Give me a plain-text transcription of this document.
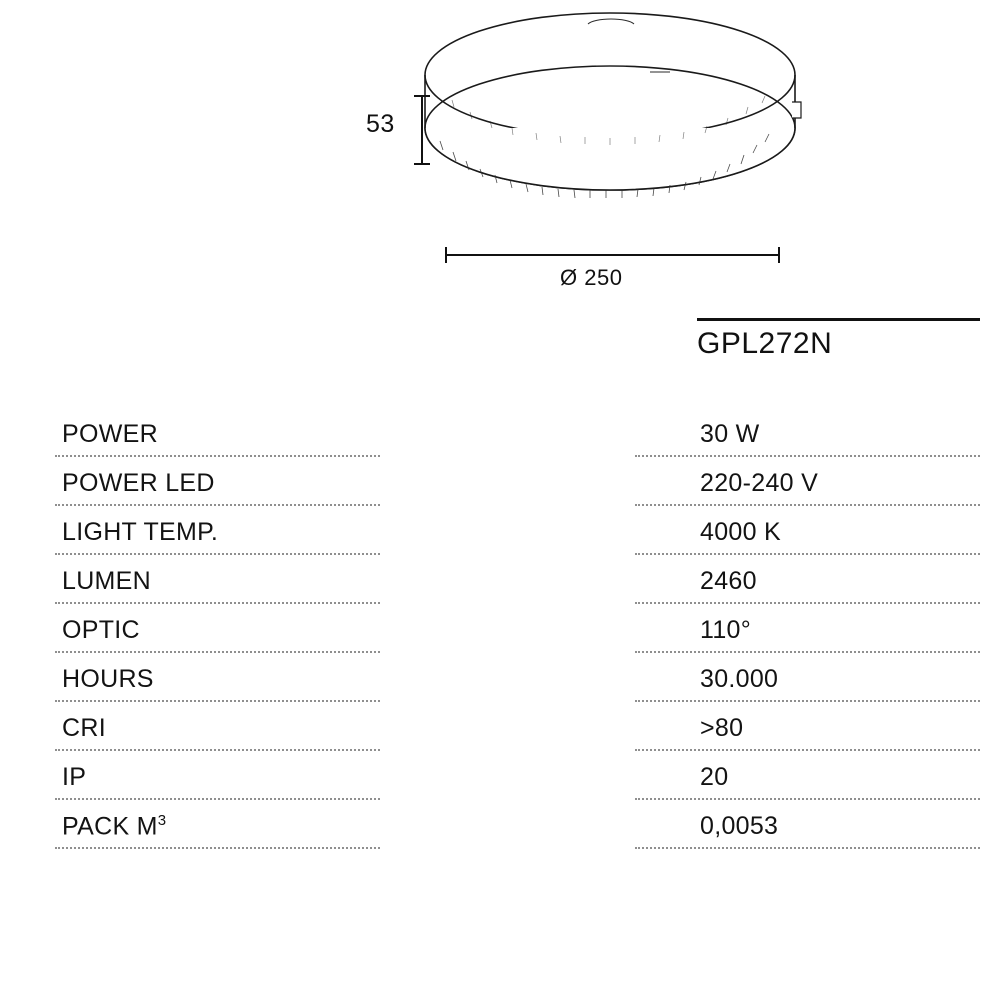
53
Ø 250
GPL272N
POWER	30 W
POWER LED	220-240 V
LIGHT TEMP.	4000 K
LUMEN	2460
OPTIC	110°
HOURS	30.000
CRI	>80
IP	20
PACK $M^3$	0,0053
